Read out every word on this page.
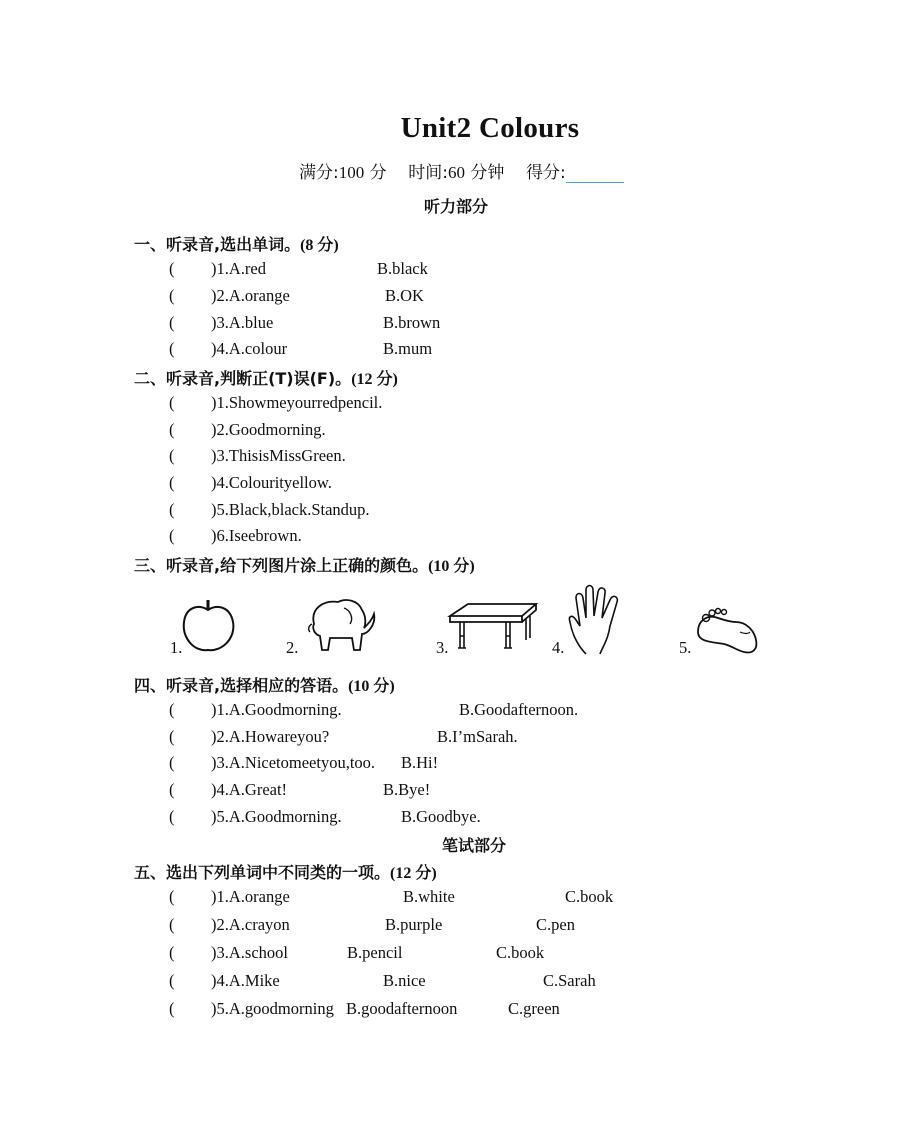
Unit2 Colours
满分:100 分 时间:60 分钟 得分:
听力部分
一、听录音,选出单词。(8 分)
( )1.A.red	B.black
( )2.A.orange	B.OK
( )3.A.blue	B.brown
( )4.A.colour	B.mum
二、听录音,判断正(T)误(F)。(12 分)
( )1.Showmeyourredpencil.
( )2.Goodmorning.
( )3.ThisisMissGreen.
( )4.Colourityellow.
( )5.Black,black.Standup.
( )6.Iseebrown.
三、听录音,给下列图片涂上正确的颜色。(10 分)
1.	2.	3.	4.	5.
四、听录音,选择相应的答语。(10 分)
( )1.A.Goodmorning.	B.Goodafternoon.
( )2.A.Howareyou?	B.I’mSarah.
( )3.A.Nicetomeetyou,too. B.Hi!
( )4.A.Great!	B.Bye!
( )5.A.Goodmorning.	B.Goodbye.
笔试部分
五、选出下列单词中不同类的一项。(12 分)
( )1.A.orange	B.white	C.book
( )2.A.crayon	B.purple	C.pen
( )3.A.school	B.pencil	C.book
( )4.A.Mike	B.nice	C.Sarah
( )5.A.goodmorning B.goodafternoon	C.green
